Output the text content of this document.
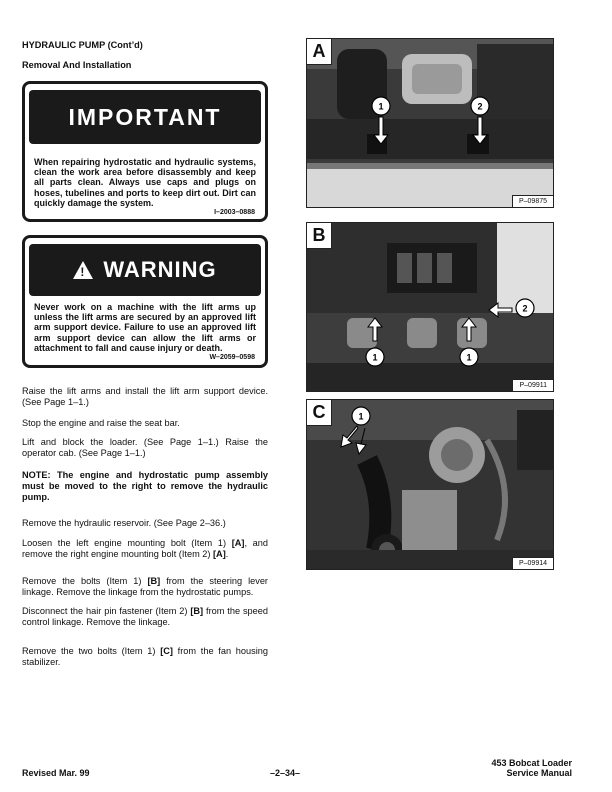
HYDRAULIC PUMP (Cont’d)
Removal And Installation
IMPORTANT
When repairing hydrostatic and hydraulic systems, clean the work area before disassembly and keep all parts clean. Always use caps and plugs on hoses, tubelines and ports to keep dirt out. Dirt can quickly damage the system.
I–2003–0888
! WARNING
Never work on a machine with the lift arms up unless the lift arms are secured by an approved lift arm support device. Failure to use an approved lift arm support device can allow the lift arms or attachment to fall and cause injury or death.
W–2059–0598
Raise the lift arms and install the lift arm support device. (See Page 1–1.)
Stop the engine and raise the seat bar.
Lift and block the loader. (See Page 1–1.) Raise the operator cab. (See Page 1–1.)
NOTE: The engine and hydrostatic pump assembly must be moved to the right to remove the hydraulic pump.
Remove the hydraulic reservoir. (See Page 2–36.)
Loosen the left engine mounting bolt (Item 1) [A], and remove the right engine mounting bolt (Item 2) [A].
Remove the bolts (Item 1) [B] from the steering lever linkage. Remove the linkage from the hydrostatic pumps.
Disconnect the hair pin fastener (Item 2) [B] from the speed control linkage. Remove the linkage.
Remove the two bolts (Item 1) [C] from the fan housing stabilizer.
1	2
A
P–09875
2
1	1
B
P–09911
1
C
P–09914
Revised Mar. 99	–2–34–
453 Bobcat Loader
Service Manual
